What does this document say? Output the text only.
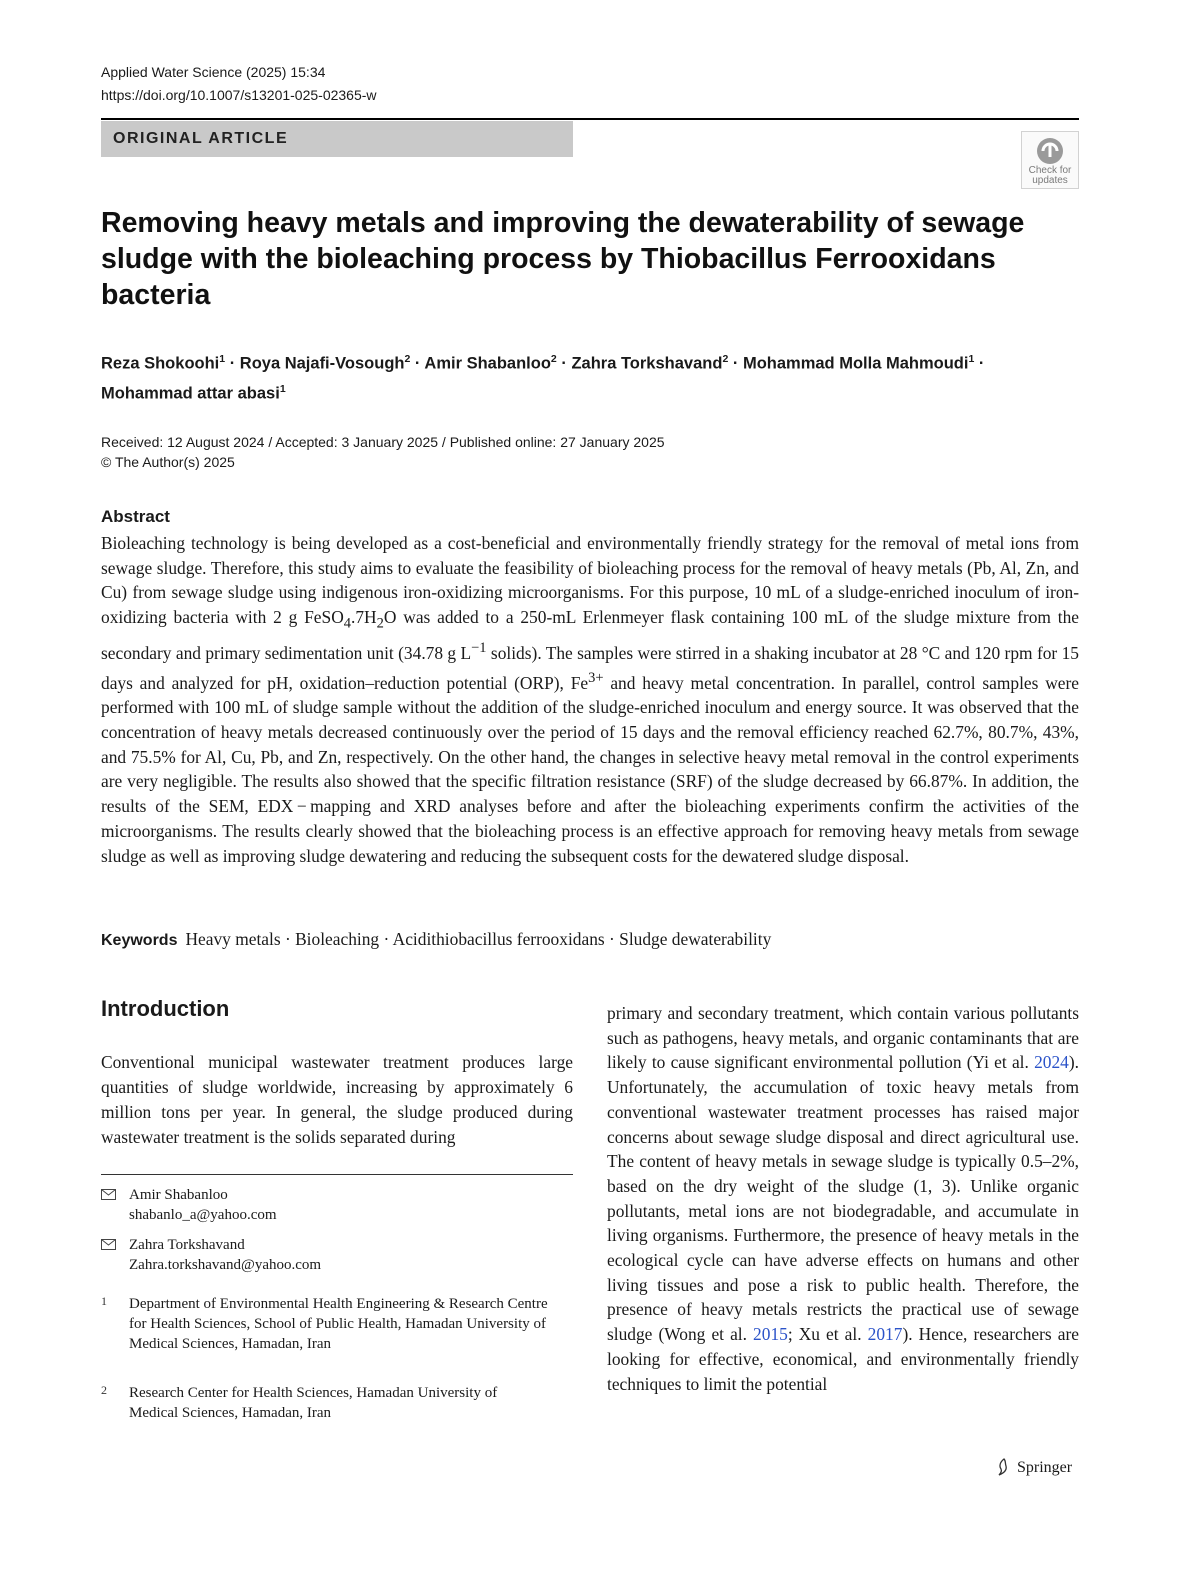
Applied Water Science (2025) 15:34
https://doi.org/10.1007/s13201-025-02365-w
ORIGINAL ARTICLE
Check for
updates
Removing heavy metals and improving the dewaterability of sewage sludge with the bioleaching process by Thiobacillus Ferrooxidans bacteria
Reza Shokoohi$^1$ · Roya Najafi‑Vosough$^2$ · Amir Shabanloo$^2$ · Zahra Torkshavand$^2$ · Mohammad Molla Mahmoudi$^1$ ·
Mohammad attar abasi$^1$
Received: 12 August 2024 / Accepted: 3 January 2025 / Published online: 27 January 2025
© The Author(s) 2025
Abstract
Bioleaching technology is being developed as a cost-beneficial and environmentally friendly strategy for the removal of metal ions from sewage sludge. Therefore, this study aims to evaluate the feasibility of bioleaching process for the removal of heavy metals (Pb, Al, Zn, and Cu) from sewage sludge using indigenous iron-oxidizing microorganisms. For this purpose, 10 mL of a sludge-enriched inoculum of iron-oxidizing bacteria with 2 g $FeSO_4.7H_2O$ was added to a 250-mL Erlenmeyer flask containing 100 mL of the sludge mixture from the secondary and primary sedimentation unit (34.78 g $L^{-1}$ solids). The samples were stirred in a shaking incubator at 28 °C and 120 rpm for 15 days and analyzed for pH, oxidation–reduction potential (ORP), $Fe^{3+}$ and heavy metal concentration. In parallel, control samples were performed with 100 mL of sludge sample without the addition of the sludge-enriched inoculum and energy source. It was observed that the concentration of heavy metals decreased continuously over the period of 15 days and the removal efficiency reached 62.7%, 80.7%, 43%, and 75.5% for Al, Cu, Pb, and Zn, respectively. On the other hand, the changes in selective heavy metal removal in the control experiments are very negligible. The results also showed that the specific filtration resistance (SRF) of the sludge decreased by 66.87%. In addition, the results of the SEM, EDX − mapping and XRD analyses before and after the bioleaching experiments confirm the activities of the microorganisms. The results clearly showed that the bioleaching process is an effective approach for removing heavy metals from sewage sludge as well as improving sludge dewatering and reducing the subsequent costs for the dewatered sludge disposal.
Keywords Heavy metals · Bioleaching · Acidithiobacillus ferrooxidans · Sludge dewaterability
Introduction
Conventional municipal wastewater treatment produces large quantities of sludge worldwide, increasing by approximately 6 million tons per year. In general, the sludge produced during wastewater treatment is the solids separated during
Amir Shabanloo
shabanlo_a@yahoo.com
Zahra Torkshavand
Zahra.torkshavand@yahoo.com
1 Department of Environmental Health Engineering & Research Centre for Health Sciences, School of Public Health, Hamadan University of Medical Sciences, Hamadan, Iran
2 Research Center for Health Sciences, Hamadan University of Medical Sciences, Hamadan, Iran
primary and secondary treatment, which contain various pollutants such as pathogens, heavy metals, and organic contaminants that are likely to cause significant environmental pollution (Yi et al. 2024). Unfortunately, the accumulation of toxic heavy metals from conventional wastewater treatment processes has raised major concerns about sewage sludge disposal and direct agricultural use. The content of heavy metals in sewage sludge is typically 0.5–2%, based on the dry weight of the sludge (1, 3). Unlike organic pollutants, metal ions are not biodegradable, and accumulate in living organisms. Furthermore, the presence of heavy metals in the ecological cycle can have adverse effects on humans and other living tissues and pose a risk to public health. Therefore, the presence of heavy metals restricts the practical use of sewage sludge (Wong et al. 2015; Xu et al. 2017). Hence, researchers are looking for effective, economical, and environmentally friendly techniques to limit the potential
Springer
